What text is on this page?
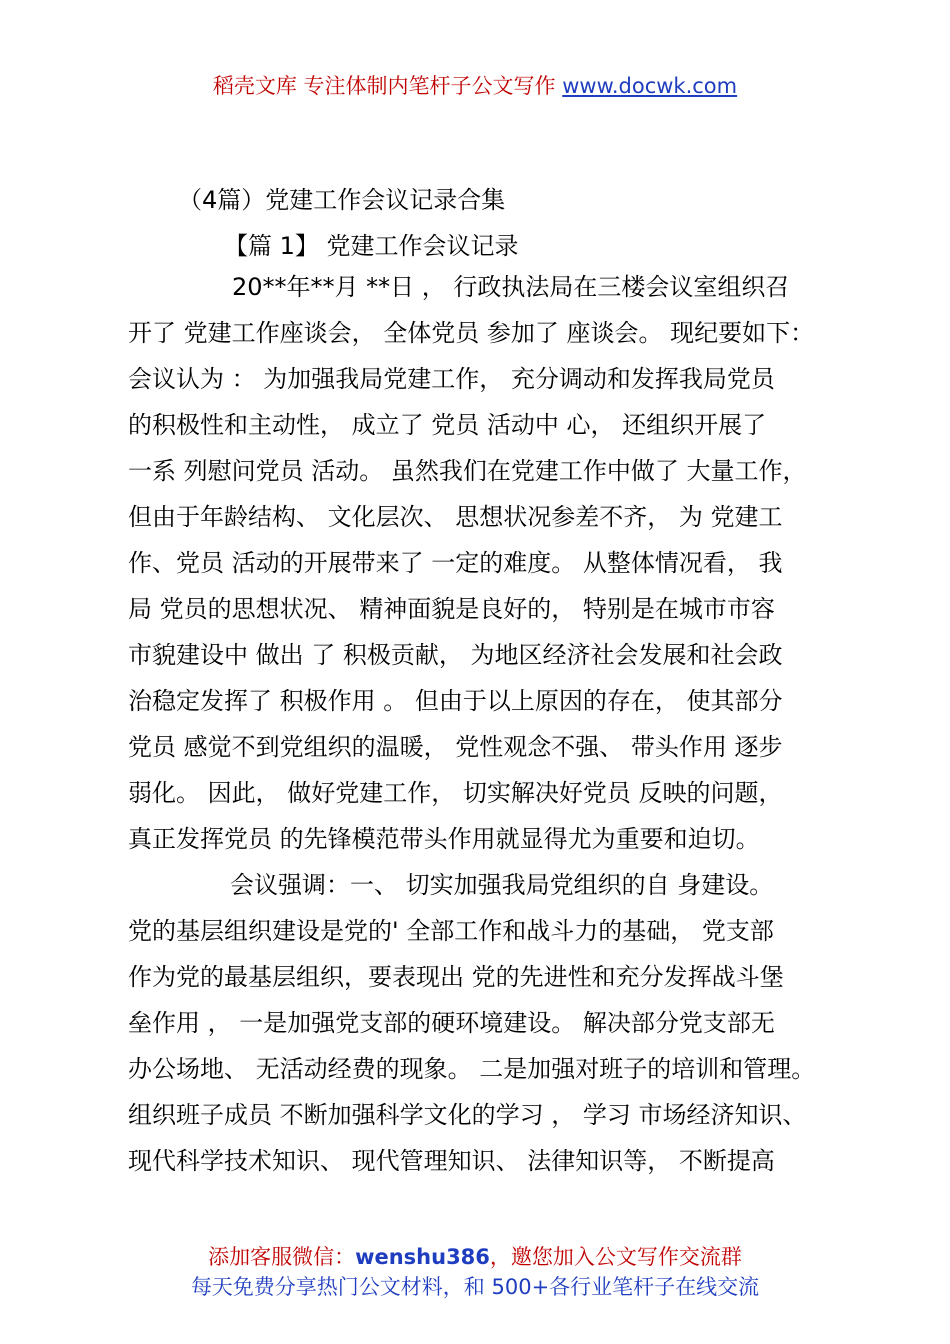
稻壳文库 专注体制内笔杆子公文写作 www.docwk.com
（4篇）党建工作会议记录合集
【篇 1】 党建工作会议记录
20**年**月 **日 ， 行政执法局在三楼会议室组织召
开了 党建工作座谈会， 全体党员 参加了 座谈会。 现纪要如下：
会议认为 ： 为加强我局党建工作， 充分调动和发挥我局党员
的积极性和主动性， 成立了 党员 活动中 心， 还组织开展了
一系 列慰问党员 活动。 虽然我们在党建工作中做了 大量工作，
但由于年龄结构、 文化层次、 思想状况参差不齐， 为 党建工
作、党员 活动的开展带来了 一定的难度。 从整体情况看， 我
局 党员的思想状况、 精神面貌是良好的， 特别是在城市市容
市貌建设中 做出 了 积极贡献， 为地区经济社会发展和社会政
治稳定发挥了 积极作用 。 但由于以上原因的存在， 使其部分
党员 感觉不到党组织的温暖， 党性观念不强、 带头作用 逐步
弱化。 因此， 做好党建工作， 切实解决好党员 反映的问题，
真正发挥党员 的先锋模范带头作用就显得尤为重要和迫切。
会议强调：一、 切实加强我局党组织的自 身建设。
党的基层组织建设是党的' 全部工作和战斗力的基础， 党支部
作为党的最基层组织，要表现出 党的先进性和充分发挥战斗堡
垒作用 ， 一是加强党支部的硬环境建设。 解决部分党支部无
办公场地、 无活动经费的现象。 二是加强对班子的培训和管理。
组织班子成员 不断加强科学文化的学习 ， 学习 市场经济知识、
现代科学技术知识、 现代管理知识、 法律知识等， 不断提高
添加客服微信：wenshu386，邀您加入公文写作交流群
每天免费分享热门公文材料，和 500+各行业笔杆子在线交流
